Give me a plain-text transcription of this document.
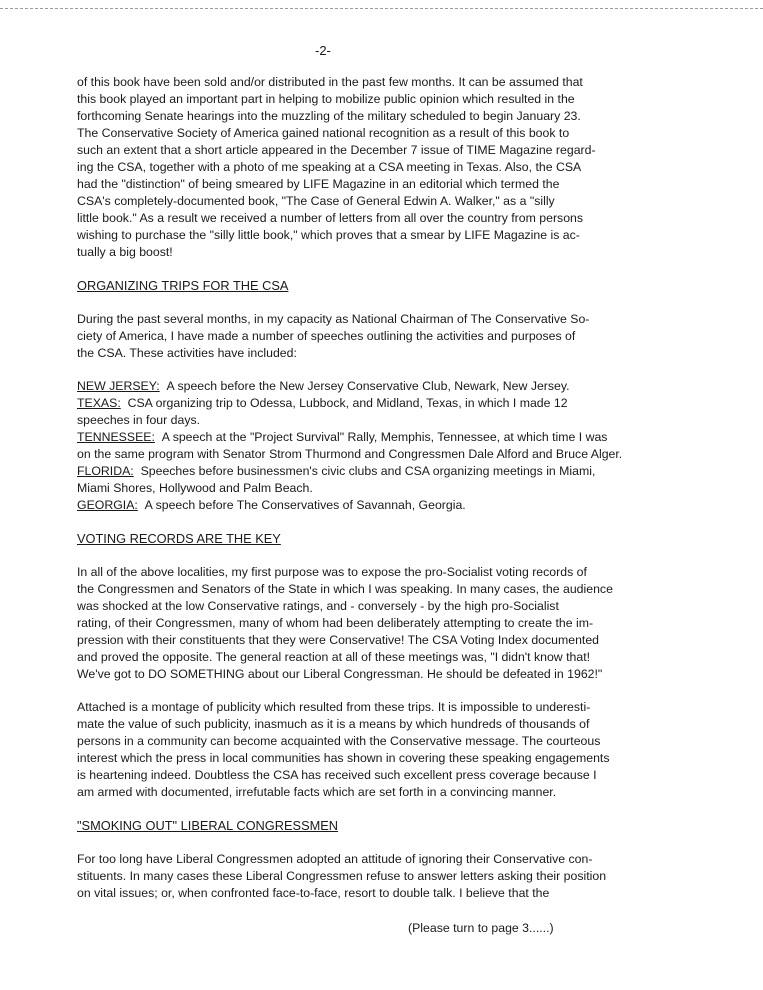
-2-
of this book have been sold and/or distributed in the past few months. It can be assumed that
this book played an important part in helping to mobilize public opinion which resulted in the
forthcoming Senate hearings into the muzzling of the military scheduled to begin January 23.
The Conservative Society of America gained national recognition as a result of this book to
such an extent that a short article appeared in the December 7 issue of TIME Magazine regard-
ing the CSA, together with a photo of me speaking at a CSA meeting in Texas. Also, the CSA
had the "distinction" of being smeared by LIFE Magazine in an editorial which termed the
CSA's completely-documented book, "The Case of General Edwin A. Walker," as a "silly
little book." As a result we received a number of letters from all over the country from persons
wishing to purchase the "silly little book," which proves that a smear by LIFE Magazine is ac-
tually a big boost!
ORGANIZING TRIPS FOR THE CSA
During the past several months, in my capacity as National Chairman of The Conservative So-
ciety of America, I have made a number of speeches outlining the activities and purposes of
the CSA. These activities have included:
NEW JERSEY: A speech before the New Jersey Conservative Club, Newark, New Jersey.
TEXAS: CSA organizing trip to Odessa, Lubbock, and Midland, Texas, in which I made 12
speeches in four days.
TENNESSEE: A speech at the "Project Survival" Rally, Memphis, Tennessee, at which time I was
on the same program with Senator Strom Thurmond and Congressmen Dale Alford and Bruce Alger.
FLORIDA: Speeches before businessmen's civic clubs and CSA organizing meetings in Miami,
Miami Shores, Hollywood and Palm Beach.
GEORGIA: A speech before The Conservatives of Savannah, Georgia.
VOTING RECORDS ARE THE KEY
In all of the above localities, my first purpose was to expose the pro-Socialist voting records of
the Congressmen and Senators of the State in which I was speaking. In many cases, the audience
was shocked at the low Conservative ratings, and - conversely - by the high pro-Socialist
rating, of their Congressmen, many of whom had been deliberately attempting to create the im-
pression with their constituents that they were Conservative! The CSA Voting Index documented
and proved the opposite. The general reaction at all of these meetings was, "I didn't know that!
We've got to DO SOMETHING about our Liberal Congressman. He should be defeated in 1962!"
Attached is a montage of publicity which resulted from these trips. It is impossible to underesti-
mate the value of such publicity, inasmuch as it is a means by which hundreds of thousands of
persons in a community can become acquainted with the Conservative message. The courteous
interest which the press in local communities has shown in covering these speaking engagements
is heartening indeed. Doubtless the CSA has received such excellent press coverage because I
am armed with documented, irrefutable facts which are set forth in a convincing manner.
"SMOKING OUT" LIBERAL CONGRESSMEN
For too long have Liberal Congressmen adopted an attitude of ignoring their Conservative con-
stituents. In many cases these Liberal Congressmen refuse to answer letters asking their position
on vital issues; or, when confronted face-to-face, resort to double talk. I believe that the
(Please turn to page 3......)
